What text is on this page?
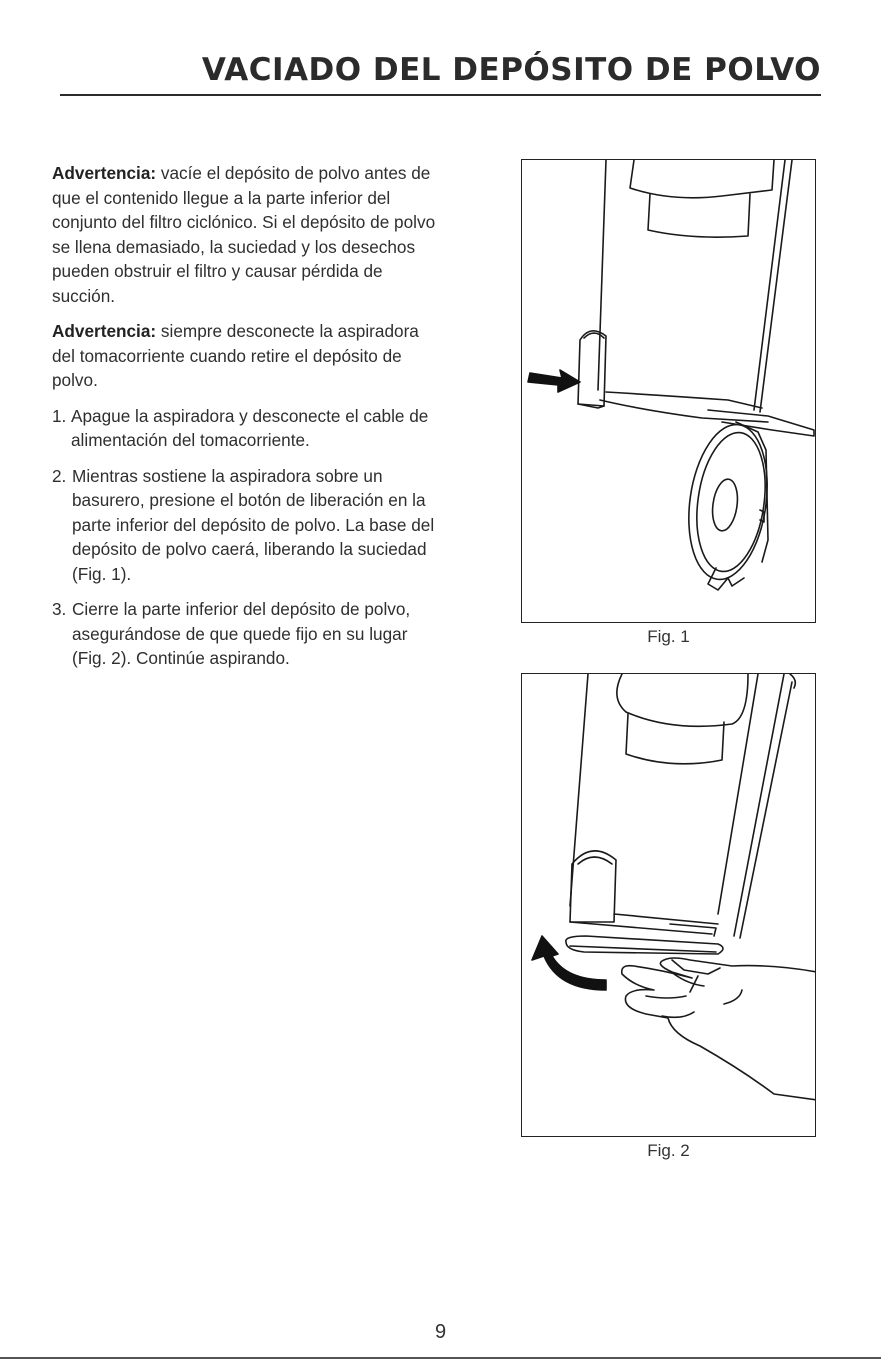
VACIADO DEL DEPÓSITO DE POLVO

Advertencia: vacíe el depósito de polvo antes de que el contenido llegue a la parte inferior del conjunto del filtro ciclónico. Si el depósito de polvo se llena demasiado, la suciedad y los desechos pueden obstruir el filtro y causar pérdida de succión.

Advertencia: siempre desconecte la aspiradora del tomacorriente cuando retire el depósito de polvo.

1. Apague la aspiradora y desconecte el cable de alimentación del tomacorriente.
2. Mientras sostiene la aspiradora sobre un basurero, presione el botón de liberación en la parte inferior del depósito de polvo. La base del depósito de polvo caerá, liberando la suciedad (Fig. 1).
3. Cierre la parte inferior del depósito de polvo, asegurándose de que quede fijo en su lugar (Fig. 2). Continúe aspirando.
Fig. 1
Fig. 2
9
